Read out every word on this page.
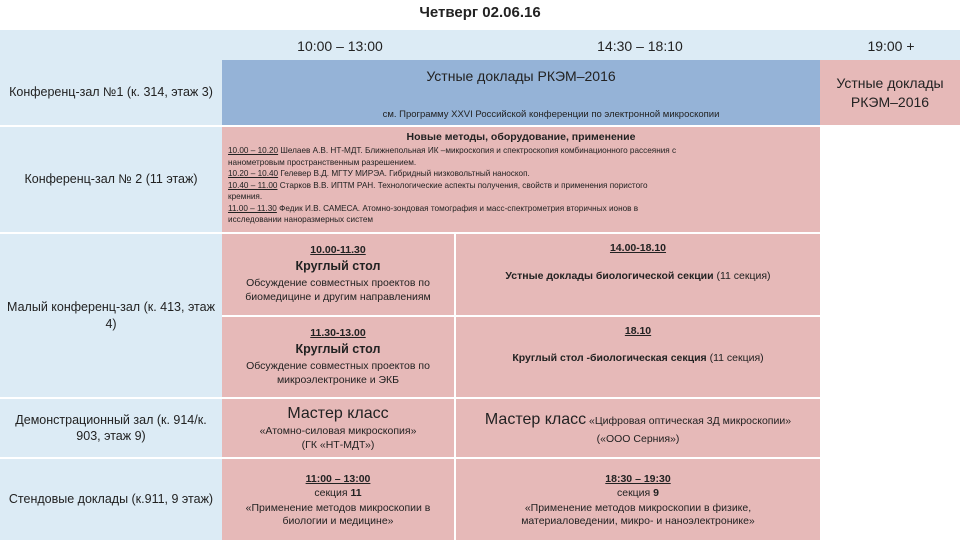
Четверг 02.06.16
10:00 – 13:00	14:30 – 18:10	19:00 +
Конференц-зал №1 (к. 314, этаж 3)
Конференц-зал № 2 (11 этаж)
Малый конференц-зал (к. 413, этаж 4)
Демонстрационный зал (к. 914/к. 903, этаж 9)
Стендовые доклады (к.911, 9 этаж)
Устные доклады РКЭМ–2016
см. Программу XXVI Российской конференции по электронной микроскопии
Устные доклады РКЭМ–2016
Новые методы, оборудование, применение
10.00 – 10.20 Шелаев А.В. НТ-МДТ. Ближнепольная ИК –микроскопия и спектроскопия комбинационного рассеяния с
нанометровым пространственным разрешением.
10.20 – 10.40 Гелевер В.Д. МГТУ МИРЭА. Гибридный низковольтный наноскоп.
10.40 – 11.00 Старков В.В. ИПТМ РАН. Технологические аспекты получения, свойств и применения пористого
кремния.
11.00 – 11.30 Федик И.В. САМЕСА. Атомно-зондовая томография и масс-спектрометрия вторичных ионов в
исследовании наноразмерных систем
10.00-11.30
Круглый стол
Обсуждение совместных проектов по биомедицине и другим направлениям
11.30-13.00
Круглый стол
Обсуждение совместных проектов по микроэлектронике и ЭКБ
14.00-18.10
Устные доклады биологической секции (11 секция)
18.10
Круглый стол -биологическая секция (11 секция)
Мастер класс
«Атомно-силовая микроскопия»
(ГК «НТ-МДТ»)
Мастер класс «Цифровая оптическая 3Д микроскопии»
(«ООО Серния»)
11:00 – 13:00
секция 11
«Применение методов микроскопии в
биологии и медицине»
18:30 – 19:30
секция 9
«Применение методов микроскопии в физике,
материаловедении, микро- и наноэлектронике»
